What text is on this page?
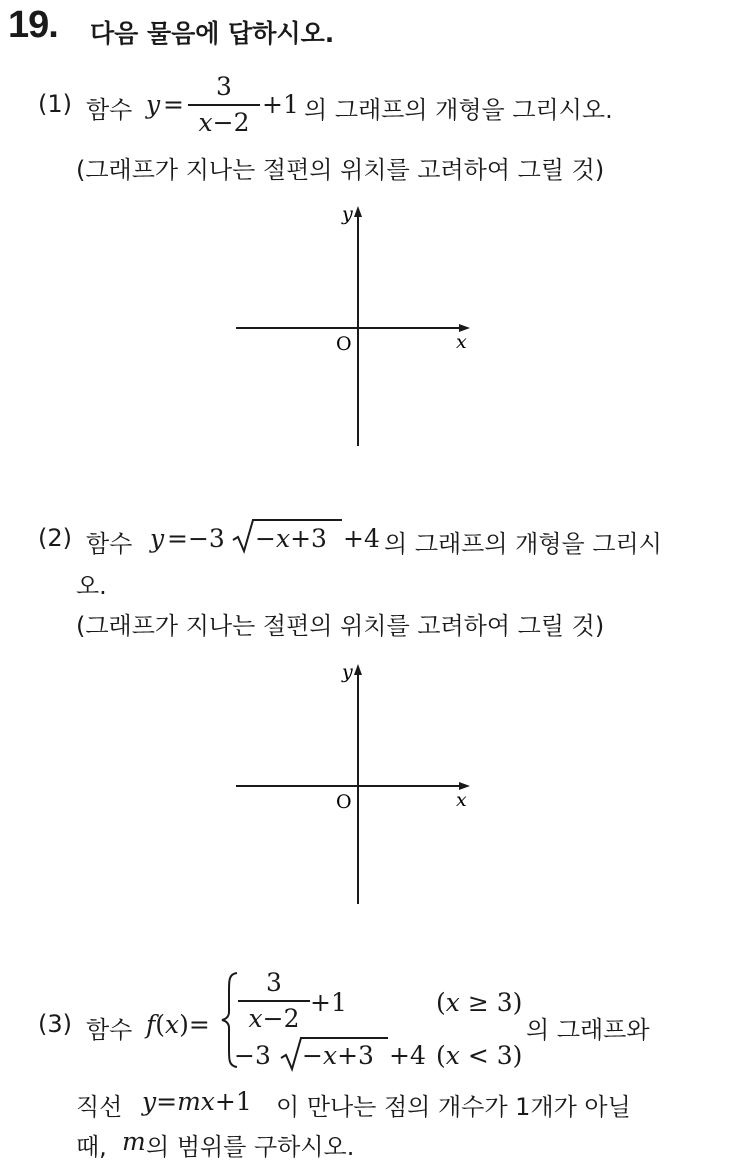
19. 다음 물음에 답하시오.
(1) 함수 y =
3
x−2
+1 의 그래프의 개형을 그리시오.
(그래프가 지나는 절편의 위치를 고려하여 그릴 것)
y
x
O
(2) 함수 y =−3 −x+3 +4 의 그래프의 개형을 그리시
오.
(그래프가 지나는 절편의 위치를 고려하여 그릴 것)
y
x
O
(3) 함수 f(x)=
3
x−2
+1	(x ≥ 3)
−3 −x+3 +4 (x < 3)
의 그래프와
직선 y=mx+1 이 만나는 점의 개수가 1개가 아닐
때, m 의 범위를 구하시오.
